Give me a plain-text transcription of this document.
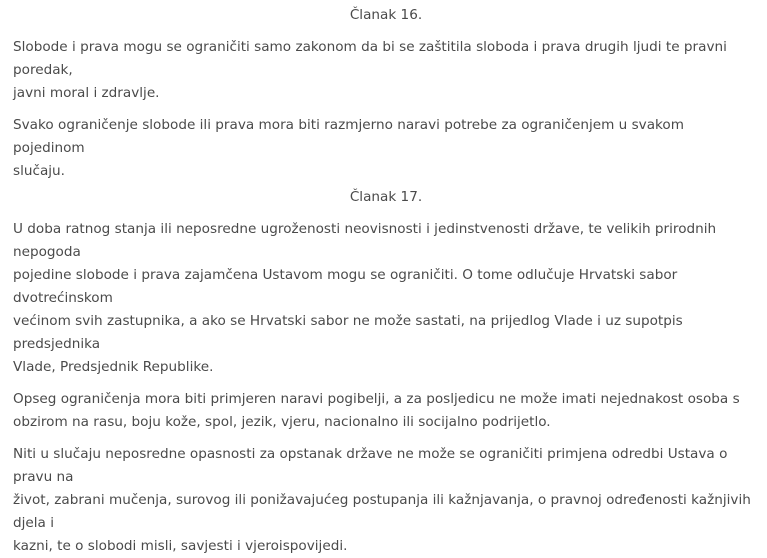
Članak 16.

Slobode i prava mogu se ograničiti samo zakonom da bi se zaštitila sloboda i prava drugih ljudi te pravni poredak,
javni moral i zdravlje.

Svako ograničenje slobode ili prava mora biti razmjerno naravi potrebe za ograničenjem u svakom pojedinom
slučaju.

Članak 17.

U doba ratnog stanja ili neposredne ugroženosti neovisnosti i jedinstvenosti države, te velikih prirodnih nepogoda
pojedine slobode i prava zajamčena Ustavom mogu se ograničiti. O tome odlučuje Hrvatski sabor dvotrećinskom
većinom svih zastupnika, a ako se Hrvatski sabor ne može sastati, na prijedlog Vlade i uz supotpis predsjednika
Vlade, Predsjednik Republike.

Opseg ograničenja mora biti primjeren naravi pogibelji, a za posljedicu ne može imati nejednakost osoba s
obzirom na rasu, boju kože, spol, jezik, vjeru, nacionalno ili socijalno podrijetlo.

Niti u slučaju neposredne opasnosti za opstanak države ne može se ograničiti primjena odredbi Ustava o pravu na
život, zabrani mučenja, surovog ili ponižavajućeg postupanja ili kažnjavanja, o pravnoj određenosti kažnjivih djela i
kazni, te o slobodi misli, savjesti i vjeroispovijedi.
